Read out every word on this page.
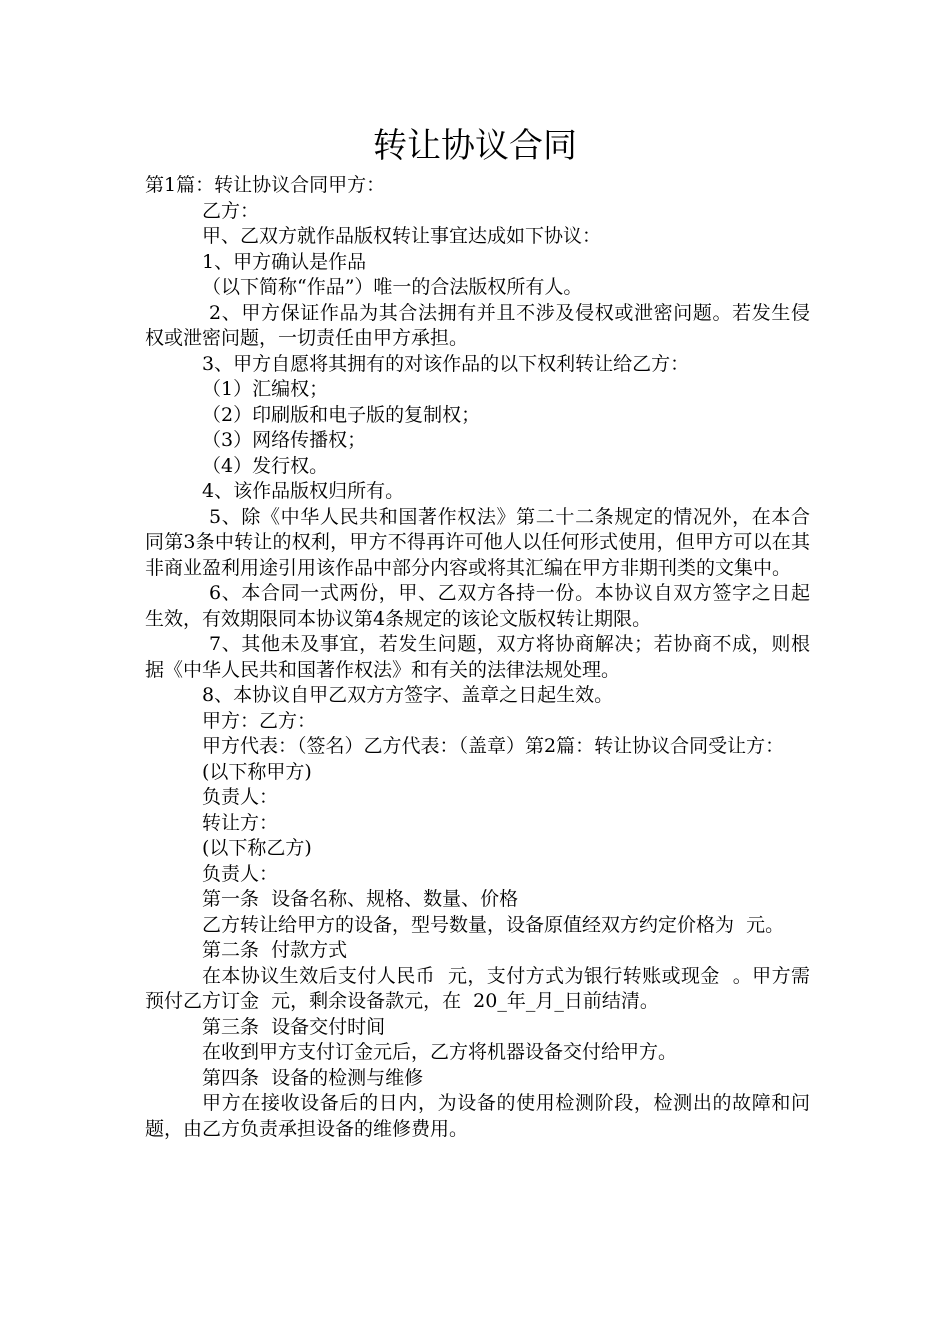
转让协议合同

第1篇：转让协议合同甲方：

乙方：

甲、乙双方就作品版权转让事宜达成如下协议：

1、甲方确认是作品

（以下简称“作品”）唯一的合法版权所有人。

2、甲方保证作品为其合法拥有并且不涉及侵权或泄密问题。若发生侵权或泄密问题，一切责任由甲方承担。

3、甲方自愿将其拥有的对该作品的以下权利转让给乙方：

（1）汇编权；

（2）印刷版和电子版的复制权；

（3）网络传播权；

（4）发行权。

4、该作品版权归所有。

5、除《中华人民共和国著作权法》第二十二条规定的情况外，在本合同第3条中转让的权利，甲方不得再许可他人以任何形式使用，但甲方可以在其非商业盈利用途引用该作品中部分内容或将其汇编在甲方非期刊类的文集中。

6、本合同一式两份，甲、乙双方各持一份。本协议自双方签字之日起生效，有效期限同本协议第4条规定的该论文版权转让期限。

7、其他未及事宜，若发生问题，双方将协商解决；若协商不成，则根据《中华人民共和国著作权法》和有关的法律法规处理。

8、本协议自甲乙双方方签字、盖章之日起生效。

甲方：乙方：

甲方代表：（签名）乙方代表：（盖章）第2篇：转让协议合同受让方：

(以下称甲方)

负责人：

转让方：

(以下称乙方)

负责人：

第一条  设备名称、规格、数量、价格

乙方转让给甲方的设备，型号数量，设备原值经双方约定价格为  元。

第二条  付款方式

在本协议生效后支付人民币  元，支付方式为银行转账或现金  。甲方需预付乙方订金  元，剩余设备款元，在  20_年_月_日前结清。

第三条  设备交付时间

在收到甲方支付订金元后，乙方将机器设备交付给甲方。

第四条  设备的检测与维修

甲方在接收设备后的日内，为设备的使用检测阶段，检测出的故障和问题，由乙方负责承担设备的维修费用。
